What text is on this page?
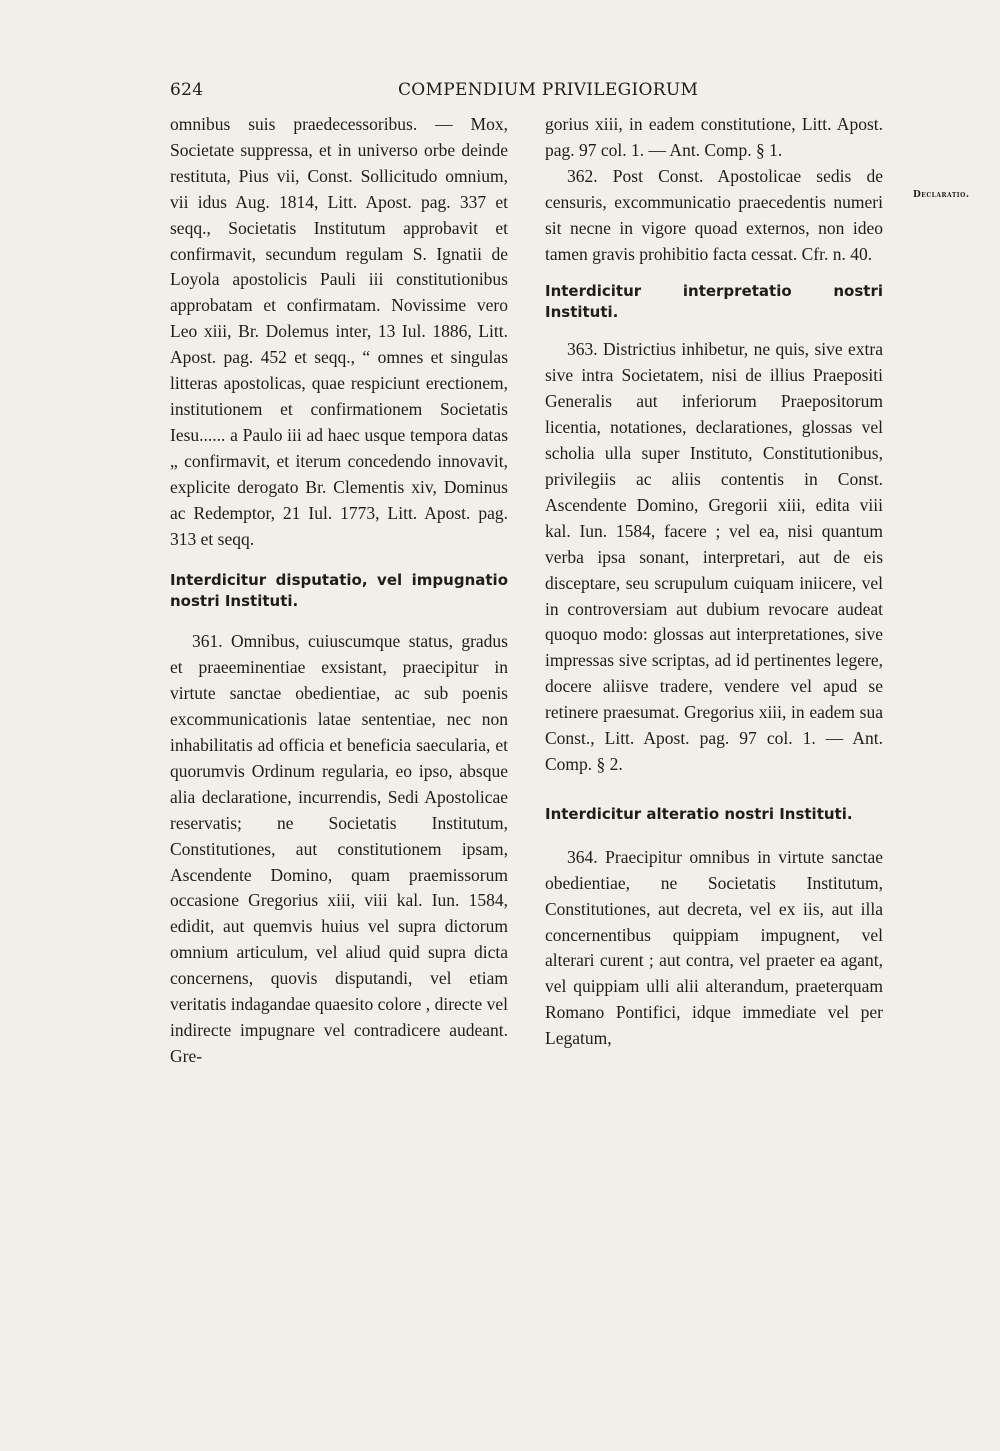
624	COMPENDIUM PRIVILEGIORUM
Declaratio.

omnibus suis praedecessoribus. — Mox, Societate suppressa, et in universo orbe deinde restituta, Pius vii, Const. Sollicitudo omnium, vii idus Aug. 1814, Litt. Apost. pag. 337 et seqq., Societatis Institutum approbavit et confirmavit, secundum regulam S. Ignatii de Loyola apostolicis Pauli iii constitutionibus approbatam et confirmatam. Novissime vero Leo xiii, Br. Dolemus inter, 13 Iul. 1886, Litt. Apost. pag. 452 et seqq., “ omnes et singulas litteras apostolicas, quae respiciunt erectionem, institutionem et confirmationem Societatis Iesu...... a Paulo iii ad haec usque tempora datas „ confirmavit, et iterum concedendo innovavit, explicite derogato Br. Clementis xiv, Dominus ac Redemptor, 21 Iul. 1773, Litt. Apost. pag. 313 et seqq.

Interdicitur disputatio, vel impugnatio nostri Instituti.

361. Omnibus, cuiuscumque status, gradus et praeeminentiae exsistant, praecipitur in virtute sanctae obedientiae, ac sub poenis excommunicationis latae sententiae, nec non inhabilitatis ad officia et beneficia saecularia, et quorumvis Ordinum regularia, eo ipso, absque alia declaratione, incurrendis, Sedi Apostolicae reservatis; ne Societatis Institutum, Constitutiones, aut constitutionem ipsam, Ascendente Domino, quam praemissorum occasione Gregorius xiii, viii kal. Iun. 1584, edidit, aut quemvis huius vel supra dictorum omnium articulum, vel aliud quid supra dicta concernens, quovis disputandi, vel etiam veritatis indagandae quaesito colore , directe vel indirecte impugnare vel contradicere audeant. Gre-

gorius xiii, in eadem constitutione, Litt. Apost. pag. 97 col. 1. — Ant. Comp. § 1.

362. Post Const. Apostolicae sedis de censuris, excommunicatio praecedentis numeri sit necne in vigore quoad externos, non ideo tamen gravis prohibitio facta cessat. Cfr. n. 40.

Interdicitur interpretatio nostri Instituti.

363. Districtius inhibetur, ne quis, sive extra sive intra Societatem, nisi de illius Praepositi Generalis aut inferiorum Praepositorum licentia, notationes, declarationes, glossas vel scholia ulla super Instituto, Constitutionibus, privilegiis ac aliis contentis in Const. Ascendente Domino, Gregorii xiii, edita viii kal. Iun. 1584, facere ; vel ea, nisi quantum verba ipsa sonant, interpretari, aut de eis disceptare, seu scrupulum cuiquam iniicere, vel in controversiam aut dubium revocare audeat quoquo modo: glossas aut interpretationes, sive impressas sive scriptas, ad id pertinentes legere, docere aliisve tradere, vendere vel apud se retinere praesumat. Gregorius xiii, in eadem sua Const., Litt. Apost. pag. 97 col. 1. — Ant. Comp. § 2.

Interdicitur alteratio nostri Instituti.

364. Praecipitur omnibus in virtute sanctae obedientiae, ne Societatis Institutum, Constitutiones, aut decreta, vel ex iis, aut illa concernentibus quippiam impugnent, vel alterari curent ; aut contra, vel praeter ea agant, vel quippiam ulli alii alterandum, praeterquam Romano Pontifici, idque immediate vel per Legatum,
